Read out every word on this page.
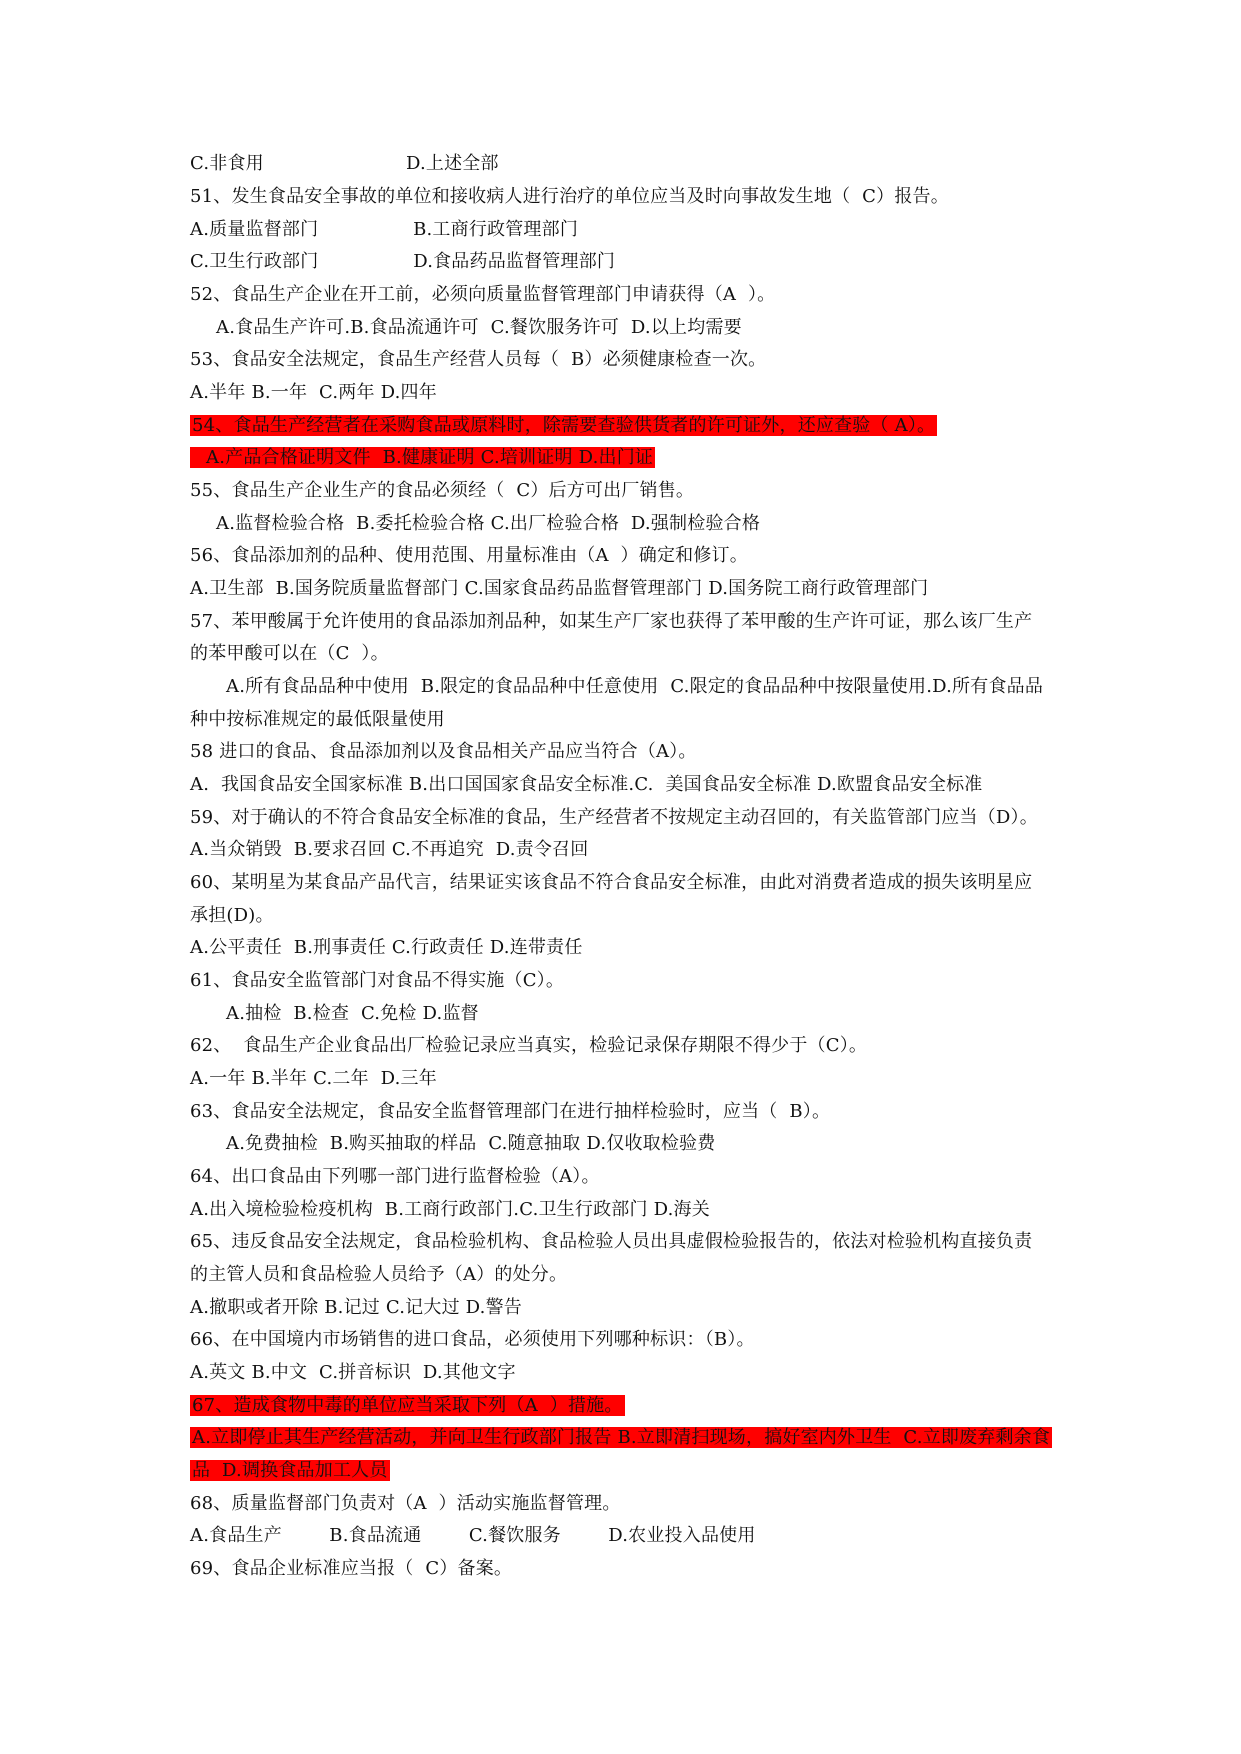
C.非食用                        D.上述全部
51、发生食品安全事故的单位和接收病人进行治疗的单位应当及时向事故发生地（  C）报告。
A.质量监督部门                B.工商行政管理部门
C.卫生行政部门                D.食品药品监督管理部门
52、食品生产企业在开工前，必须向质量监督管理部门申请获得（A  ）。
A.食品生产许可.B.食品流通许可  C.餐饮服务许可  D.以上均需要
53、食品安全法规定，食品生产经营人员每（  B）必须健康检查一次。
A.半年 B.一年  C.两年 D.四年
54、食品生产经营者在采购食品或原料时，除需要查验供货者的许可证外，还应查验（ A）。
A.产品合格证明文件  B.健康证明 C.培训证明 D.出门证
55、食品生产企业生产的食品必须经（  C）后方可出厂销售。
A.监督检验合格  B.委托检验合格 C.出厂检验合格  D.强制检验合格
56、食品添加剂的品种、使用范围、用量标准由（A  ）确定和修订。
A.卫生部  B.国务院质量监督部门 C.国家食品药品监督管理部门 D.国务院工商行政管理部门
57、苯甲酸属于允许使用的食品添加剂品种，如某生产厂家也获得了苯甲酸的生产许可证，那么该厂生产
的苯甲酸可以在（C  ）。
A.所有食品品种中使用  B.限定的食品品种中任意使用  C.限定的食品品种中按限量使用.D.所有食品品
种中按标准规定的最低限量使用
58 进口的食品、食品添加剂以及食品相关产品应当符合（A）。
A.  我国食品安全国家标准 B.出口国国家食品安全标准.C.  美国食品安全标准 D.欧盟食品安全标准
59、对于确认的不符合食品安全标准的食品，生产经营者不按规定主动召回的，有关监管部门应当（D）。
A.当众销毁  B.要求召回 C.不再追究  D.责令召回
60、某明星为某食品产品代言，结果证实该食品不符合食品安全标准，由此对消费者造成的损失该明星应
承担(D)。
A.公平责任  B.刑事责任 C.行政责任 D.连带责任
61、食品安全监管部门对食品不得实施（C）。
A.抽检  B.检查  C.免检 D.监督
62、  食品生产企业食品出厂检验记录应当真实，检验记录保存期限不得少于（C）。
A.一年 B.半年 C.二年  D.三年
63、食品安全法规定，食品安全监督管理部门在进行抽样检验时，应当（  B）。
A.免费抽检  B.购买抽取的样品  C.随意抽取 D.仅收取检验费
64、出口食品由下列哪一部门进行监督检验（A）。
A.出入境检验检疫机构  B.工商行政部门.C.卫生行政部门 D.海关
65、违反食品安全法规定，食品检验机构、食品检验人员出具虚假检验报告的，依法对检验机构直接负责
的主管人员和食品检验人员给予（A）的处分。
A.撤职或者开除 B.记过 C.记大过 D.警告
66、在中国境内市场销售的进口食品，必须使用下列哪种标识：（B）。
A.英文 B.中文  C.拼音标识  D.其他文字
67、造成食物中毒的单位应当采取下列（A  ）措施。
A.立即停止其生产经营活动，并向卫生行政部门报告 B.立即清扫现场，搞好室内外卫生  C.立即废弃剩余食
品  D.调换食品加工人员
68、质量监督部门负责对（A  ）活动实施监督管理。
A.食品生产        B.食品流通        C.餐饮服务        D.农业投入品使用
69、食品企业标准应当报（  C）备案。
